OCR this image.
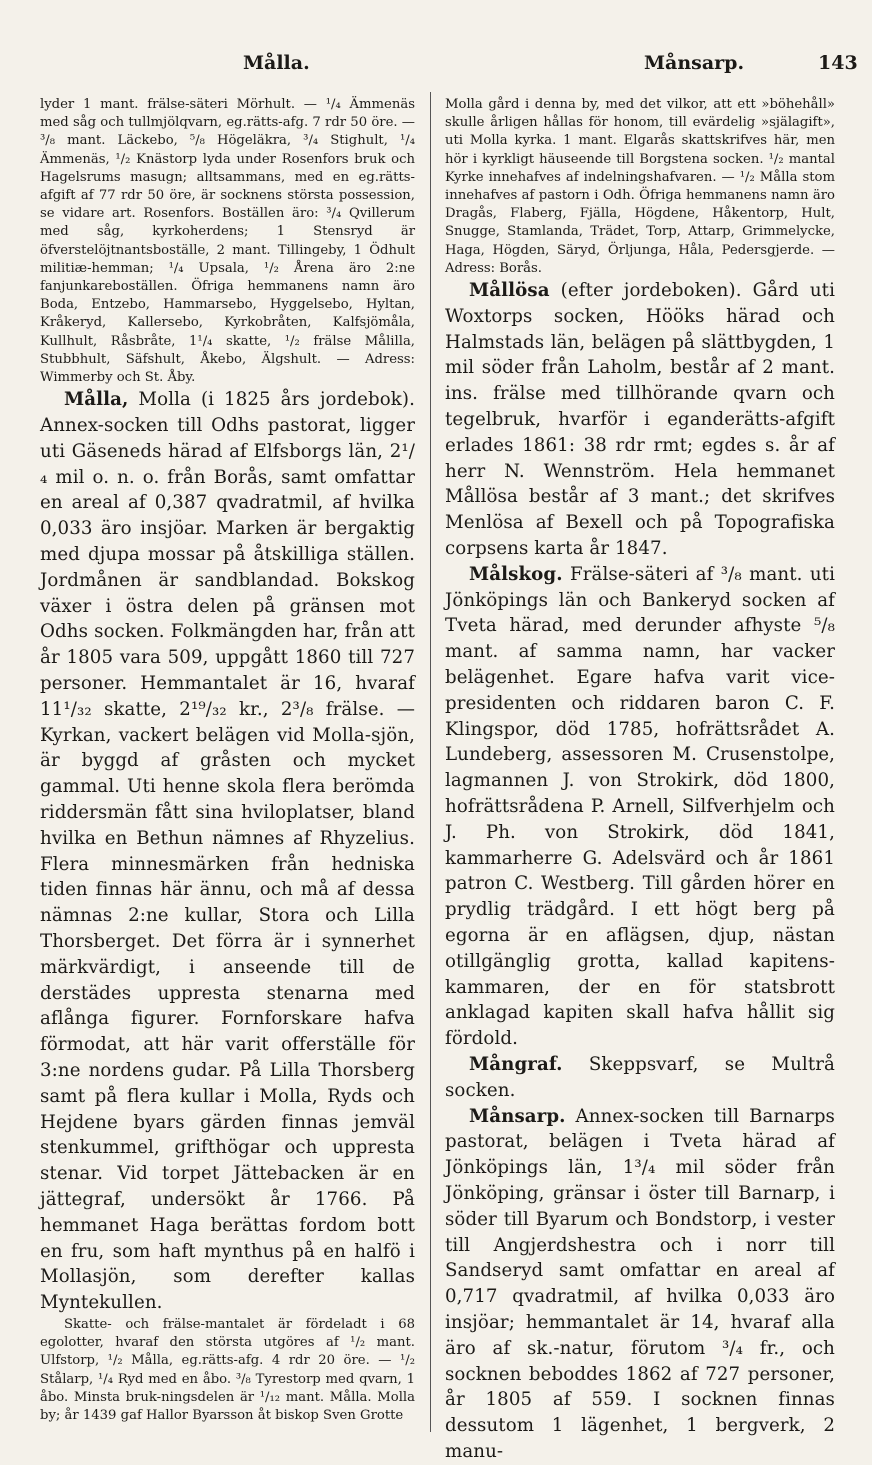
Målla.	Månsarp.	143

lyder 1 mant. frälse-säteri Mörhult. — ¹/₄ Ämmenäs med såg och tullmjölqvarn, eg.rätts-afg. 7 rdr 50 öre. — ³/₈ mant. Läckebo, ⁵/₈ Högeläkra, ³/₄ Stighult, ¹/₄ Ämmenäs, ¹/₂ Knästorp lyda under Rosenfors bruk och Hagelsrums masugn; alltsammans, med en eg.rätts-afgift af 77 rdr 50 öre, är socknens största possession, se vidare art. Rosenfors. Boställen äro: ³/₄ Qvillerum med såg, kyrkoherdens; 1 Stensryd är öfverstelöjtnantsboställe, 2 mant. Tillingeby, 1 Ödhult militiæ-hemman; ¹/₄ Upsala, ¹/₂ Årena äro 2:ne fanjunkareboställen. Öfriga hemmanens namn äro Boda, Entzebo, Hammarsebo, Hyggelsebo, Hyltan, Kråkeryd, Kallersebo, Kyrkobråten, Kalfsjömåla, Kullhult, Råsbråte, 1¹/₄ skatte, ¹/₂ frälse Målilla, Stubbhult, Säfshult, Åkebo, Älgshult. — Adress: Wimmerby och St. Åby.

Målla, Molla (i 1825 års jordebok). Annex-socken till Odhs pastorat, ligger uti Gäseneds härad af Elfsborgs län, 2¹/₄ mil o. n. o. från Borås, samt omfattar en areal af 0,387 qvadratmil, af hvilka 0,033 äro insjöar. Marken är bergaktig med djupa mossar på åtskilliga ställen. Jordmånen är sandblandad. Bokskog växer i östra delen på gränsen mot Odhs socken. Folkmängden har, från att år 1805 vara 509, uppgått 1860 till 727 personer. Hemmantalet är 16, hvaraf 11¹/₃₂ skatte, 2¹⁹/₃₂ kr., 2³/₈ frälse. — Kyrkan, vackert belägen vid Molla-sjön, är byggd af gråsten och mycket gammal. Uti henne skola flera berömda riddersmän fått sina hviloplatser, bland hvilka en Bethun nämnes af Rhyzelius. Flera minnesmärken från hedniska tiden finnas här ännu, och må af dessa nämnas 2:ne kullar, Stora och Lilla Thorsberget. Det förra är i synnerhet märkvärdigt, i anseende till de derstädes uppresta stenarna med aflånga figurer. Fornforskare hafva förmodat, att här varit offerställe för 3:ne nordens gudar. På Lilla Thorsberg samt på flera kullar i Molla, Ryds och Hejdene byars gärden finnas jemväl stenkummel, grifthögar och uppresta stenar. Vid torpet Jättebacken är en jättegraf, undersökt år 1766. På hemmanet Haga berättas fordom bott en fru, som haft mynthus på en halfö i Mollasjön, som derefter kallas Myntekullen.

Skatte- och frälse-mantalet är fördeladt i 68 egolotter, hvaraf den största utgöres af ¹/₂ mant. Ulfstorp, ¹/₂ Målla, eg.rätts-afg. 4 rdr 20 öre. — ¹/₂ Stålarp, ¹/₄ Ryd med en åbo. ³/₈ Tyrestorp med qvarn, 1 åbo. Minsta bruk-ningsdelen är ¹/₁₂ mant. Målla. Molla by; år 1439 gaf Hallor Byarsson åt biskop Sven Grotte

Molla gård i denna by, med det vilkor, att ett »böhehåll» skulle årligen hållas för honom, till evärdelig »själagift», uti Molla kyrka. 1 mant. Elgarås skattskrifves här, men hör i kyrkligt häuseende till Borgstena socken. ¹/₂ mantal Kyrke innehafves af indelningshafvaren. — ¹/₂ Målla stom innehafves af pastorn i Odh. Öfriga hemmanens namn äro Dragås, Flaberg, Fjälla, Högdene, Håkentorp, Hult, Snugge, Stamlanda, Trädet, Torp, Attarp, Grimmelycke, Haga, Högden, Säryd, Örljunga, Håla, Pedersgjerde. — Adress: Borås.

Mållösa (efter jordeboken). Gård uti Woxtorps socken, Hööks härad och Halmstads län, belägen på slättbygden, 1 mil söder från Laholm, består af 2 mant. ins. frälse med tillhörande qvarn och tegelbruk, hvarför i eganderätts-afgift erlades 1861: 38 rdr rmt; egdes s. år af herr N. Wennström. Hela hemmanet Mållösa består af 3 mant.; det skrifves Menlösa af Bexell och på Topografiska corpsens karta år 1847.

Målskog. Frälse-säteri af ³/₈ mant. uti Jönköpings län och Bankeryd socken af Tveta härad, med derunder afhyste ⁵/₈ mant. af samma namn, har vacker belägenhet. Egare hafva varit vice-presidenten och riddaren baron C. F. Klingspor, död 1785, hofrättsrådet A. Lundeberg, assessoren M. Crusenstolpe, lagmannen J. von Strokirk, död 1800, hofrättsrådena P. Arnell, Silfverhjelm och J. Ph. von Strokirk, död 1841, kammarherre G. Adelsvärd och år 1861 patron C. Westberg. Till gården hörer en prydlig trädgård. I ett högt berg på egorna är en aflägsen, djup, nästan otillgänglig grotta, kallad kapitens-kammaren, der en för statsbrott anklagad kapiten skall hafva hållit sig fördold.

Mångraf. Skeppsvarf, se Multrå socken.

Månsarp. Annex-socken till Barnarps pastorat, belägen i Tveta härad af Jönköpings län, 1³/₄ mil söder från Jönköping, gränsar i öster till Barnarp, i söder till Byarum och Bondstorp, i vester till Angjerdshestra och i norr till Sandseryd samt omfattar en areal af 0,717 qvadratmil, af hvilka 0,033 äro insjöar; hemmantalet är 14, hvaraf alla äro af sk.-natur, förutom ³/₄ fr., och socknen beboddes 1862 af 727 personer, år 1805 af 559. I socknen finnas dessutom 1 lägenhet, 1 bergverk, 2 manu-
